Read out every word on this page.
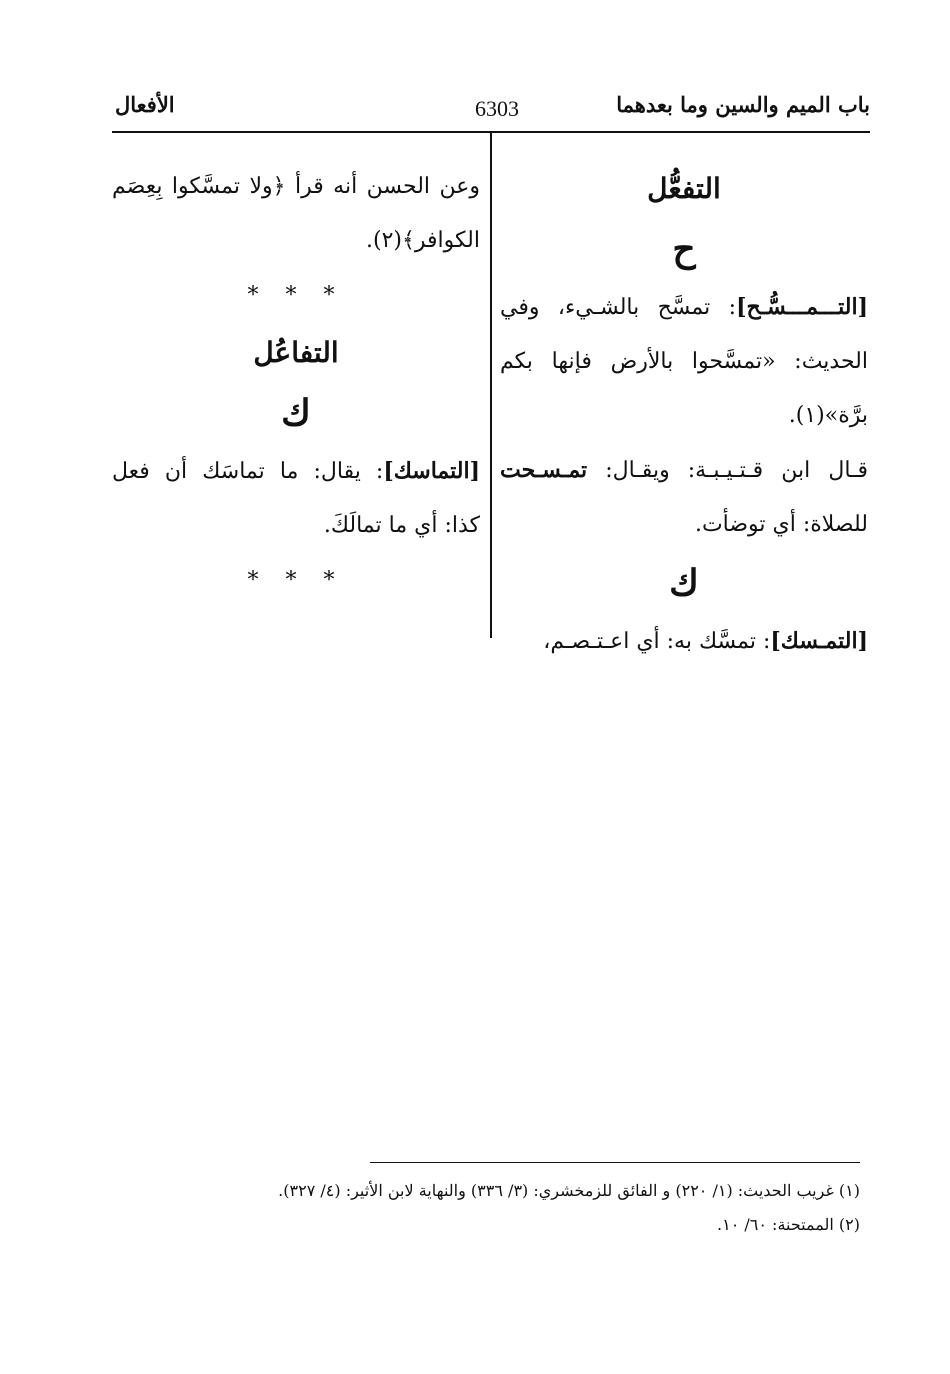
باب الميم والسين وما بعدهما
6303
الأفعال
التفعُّل
ح
[التـــمـــسُّـح]: تمسَّح بالشـيء، وفي الحديث: «تمسَّحوا بالأرض فإنها بكم برَّة»(١).
قـال ابن قـتـيـبـة: ويقـال: تمـسـحت للصلاة: أي توضأت.
ك
[التمـسك]: تمسَّك به: أي اعـتـصـم،
وعن الحسن أنه قرأ ﴿ولا تمسَّكوا بِعِصَم الكوافر﴾(٢).
* * *
التفاعُل
ك
[التماسك]: يقال: ما تماسَك أن فعل كذا: أي ما تمالَكَ.
* * *
(١) غريب الحديث: (١/ ٢٢٠) و الفائق للزمخشري: (٣/ ٣٣٦) والنهاية لابن الأثير: (٤/ ٣٢٧).
(٢) الممتحنة: ٦٠/ ١٠.
